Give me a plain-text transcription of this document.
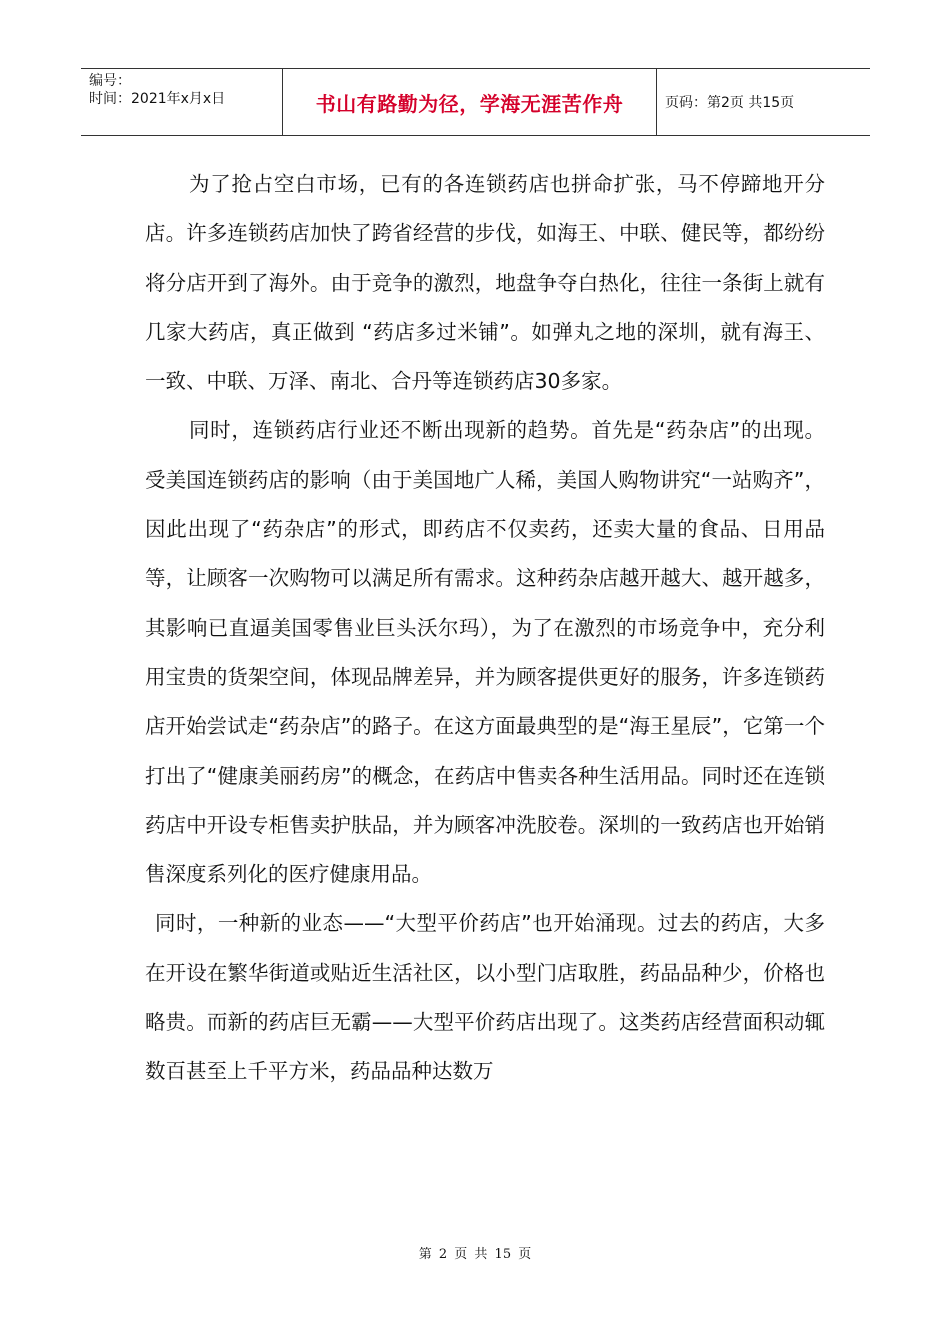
编号：
时间：2021年x月x日	书山有路勤为径，学海无涯苦作舟	页码：第2页 共15页

为了抢占空白市场，已有的各连锁药店也拼命扩张，马不停蹄地开分店。许多连锁药店加快了跨省经营的步伐，如海王、中联、健民等，都纷纷将分店开到了海外。由于竞争的激烈，地盘争夺白热化，往往一条街上就有几家大药店，真正做到 “药店多过米铺”。如弹丸之地的深圳，就有海王、一致、中联、万泽、南北、合丹等连锁药店30多家。

同时，连锁药店行业还不断出现新的趋势。首先是“药杂店”的出现。受美国连锁药店的影响（由于美国地广人稀，美国人购物讲究“一站购齐”，因此出现了“药杂店”的形式，即药店不仅卖药，还卖大量的食品、日用品等，让顾客一次购物可以满足所有需求。这种药杂店越开越大、越开越多，其影响已直逼美国零售业巨头沃尔玛），为了在激烈的市场竞争中，充分利用宝贵的货架空间，体现品牌差异，并为顾客提供更好的服务，许多连锁药店开始尝试走“药杂店”的路子。在这方面最典型的是“海王星辰”，它第一个打出了“健康美丽药房”的概念，在药店中售卖各种生活用品。同时还在连锁药店中开设专柜售卖护肤品，并为顾客冲洗胶卷。深圳的一致药店也开始销售深度系列化的医疗健康用品。

同时，一种新的业态——“大型平价药店”也开始涌现。过去的药店，大多在开设在繁华街道或贴近生活社区，以小型门店取胜，药品品种少，价格也略贵。而新的药店巨无霸——大型平价药店出现了。这类药店经营面积动辄数百甚至上千平方米，药品品种达数万

第 2 页 共 15 页
